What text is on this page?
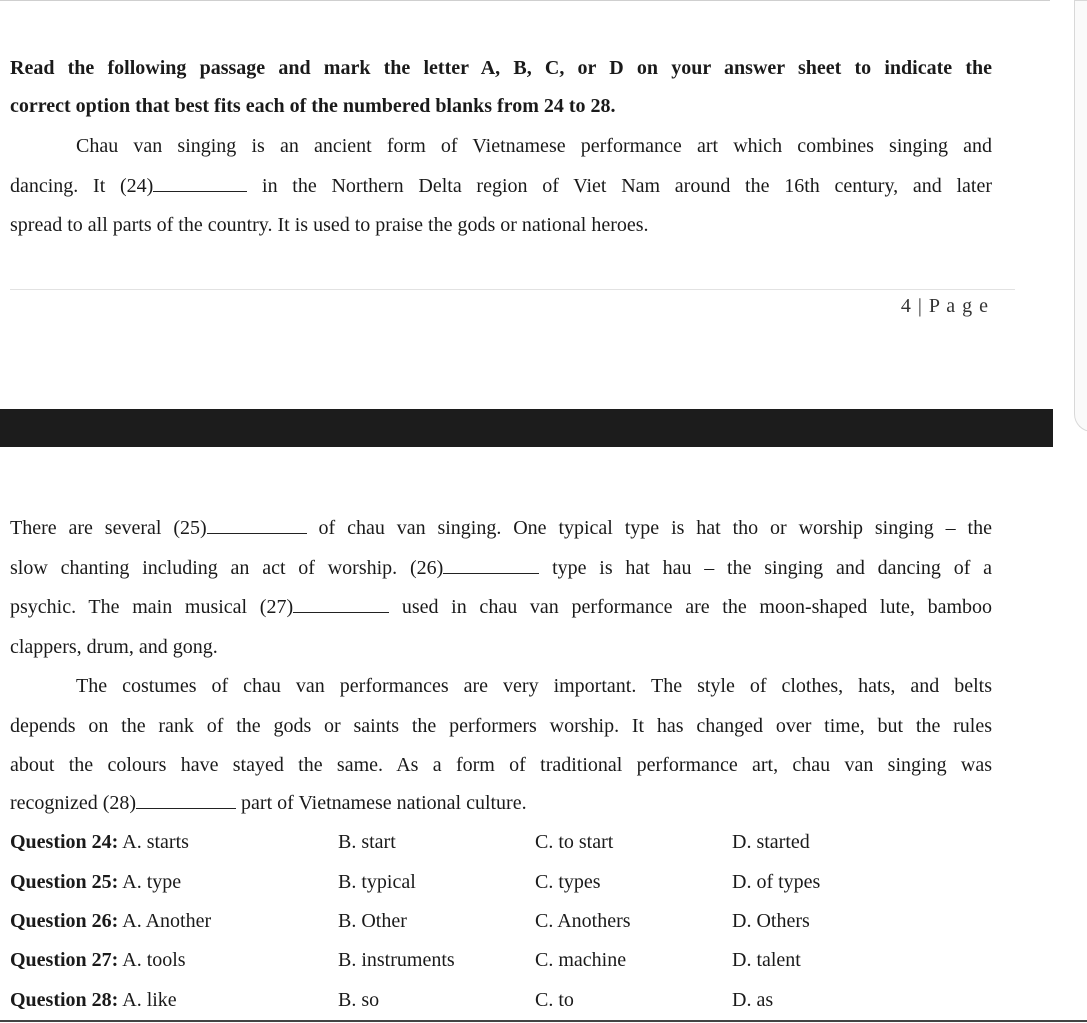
Read the following passage and mark the letter A, B, C, or D on your answer sheet to indicate the
correct option that best fits each of the numbered blanks from 24 to 28.
Chau van singing is an ancient form of Vietnamese performance art which combines singing and
dancing. It (24)	in the Northern Delta region of Viet Nam around the 16th century, and later
spread to all parts of the country. It is used to praise the gods or national heroes.
4 | P a g e
There are several (25)	of chau van singing. One typical type is hat tho or worship singing – the
slow chanting including an act of worship. (26)	type is hat hau – the singing and dancing of a
psychic. The main musical (27)	used in chau van performance are the moon-shaped lute, bamboo
clappers, drum, and gong.
The costumes of chau van performances are very important. The style of clothes, hats, and belts
depends on the rank of the gods or saints the performers worship. It has changed over time, but the rules
about the colours have stayed the same. As a form of traditional performance art, chau van singing was
recognized (28)	part of Vietnamese national culture.
Question 24: A. starts	B. start	C. to start	D. started
Question 25: A. type	B. typical	C. types	D. of types
Question 26: A. Another	B. Other	C. Anothers	D. Others
Question 27: A. tools	B. instruments	C. machine	D. talent
Question 28: A. like	B. so	C. to	D. as
